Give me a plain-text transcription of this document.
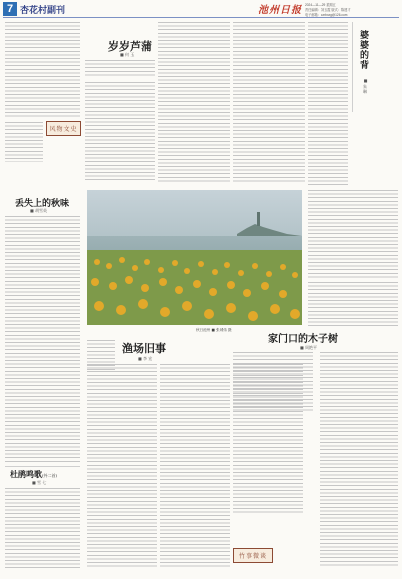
7 杏花村副刊	池州日报 2024—11—29 星期五
责任编辑：刘玉霞 版式：陈建才
电子邮箱：czrbxzg@126.com
风物文史
岁岁芦蒲
■ 何 玉	婆婆的背
■ 朱 琳
丢失上的秋味
■ 胡雪英
秋日池州 ■ 张城伟 摄
渔场旧事
■ 李 宏
家门口的木子树
■ 周艳平
竹事微谈
杜鹃鸣歌(外二首)
■ 雪 七
